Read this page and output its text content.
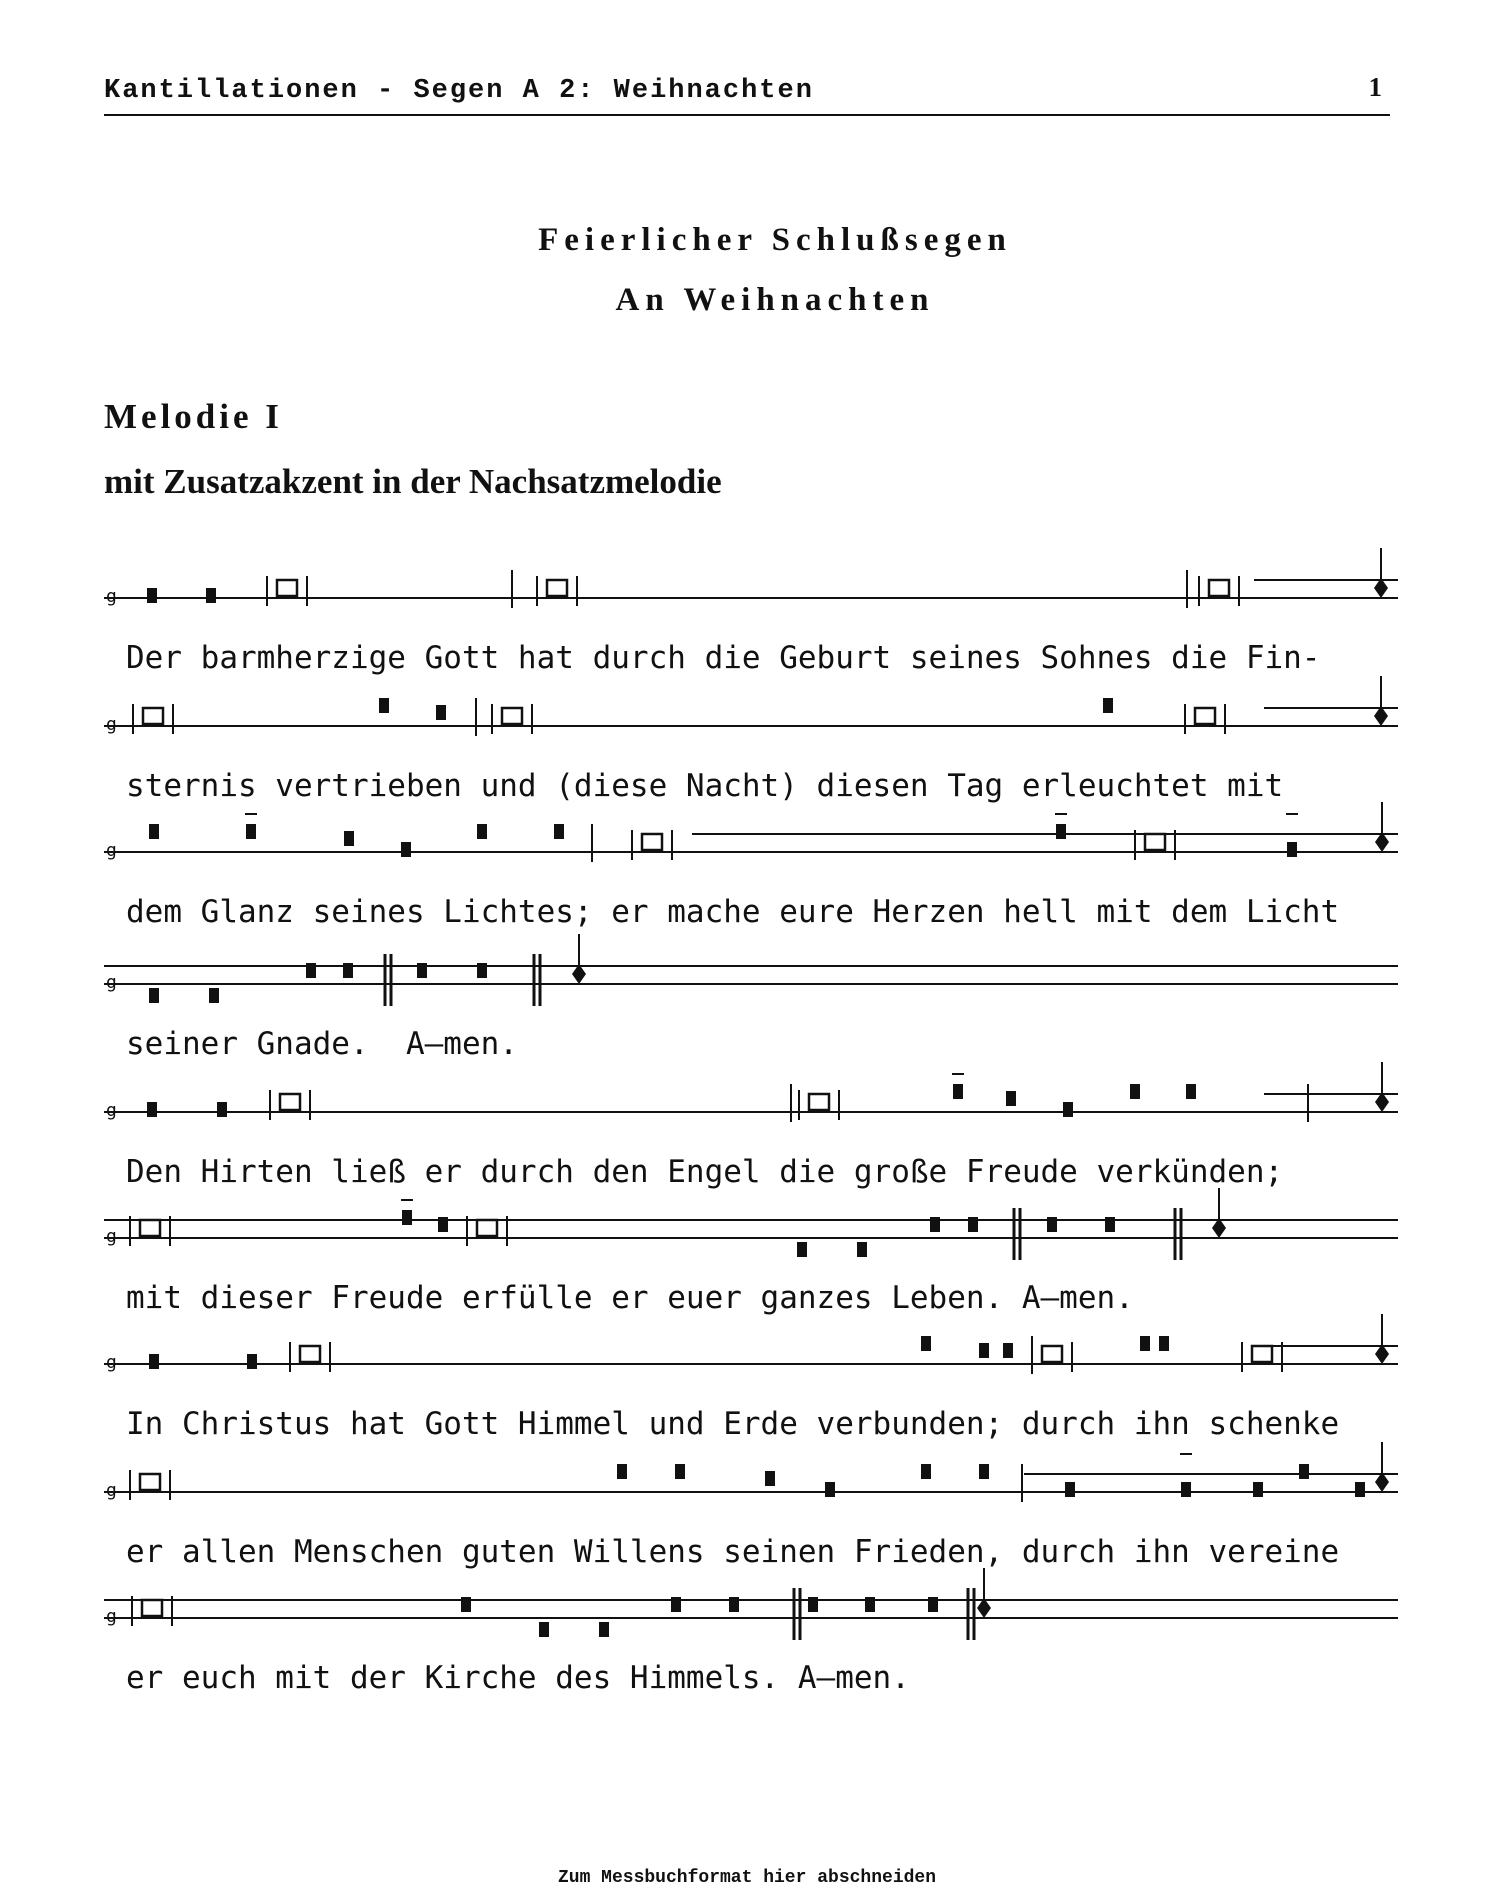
Kantillationen - Segen A 2: Weihnachten	1
Feierlicher Schlußsegen
An Weihnachten
Melodie I
mit Zusatzakzent in der Nachsatzmelodie
g
Der barmherzige Gott hat durch die Geburt seines Sohnes die Fin-
g
sternis vertrieben und (diese Nacht) diesen Tag erleuchtet mit
g
dem Glanz seines Lichtes; er mache eure Herzen hell mit dem Licht
g
seiner Gnade.  A—men.
g
Den Hirten ließ er durch den Engel die große Freude verkünden;
g
mit dieser Freude erfülle er euer ganzes Leben. A—men.
g
In Christus hat Gott Himmel und Erde verbunden; durch ihn schenke
g
er allen Menschen guten Willens seinen Frieden, durch ihn vereine
g
er euch mit der Kirche des Himmels. A—men.
Zum Messbuchformat hier abschneiden
